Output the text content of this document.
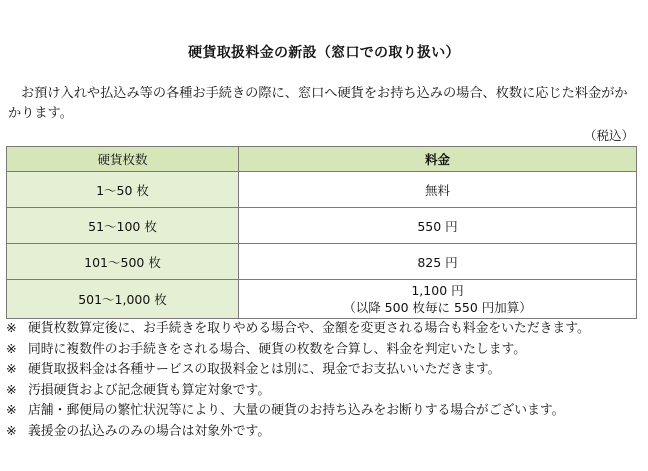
硬貨取扱料金の新設（窓口での取り扱い）
お預け入れや払込み等の各種お手続きの際に、窓口へ硬貨をお持ち込みの場合、枚数に応じた料金がかかります。
（税込）
硬貨枚数	料金
1～50 枚	無料
51～100 枚	550 円
101～500 枚	825 円
501～1,000 枚	1,100 円
（以降 500 枚毎に 550 円加算）
※ 硬貨枚数算定後に、お手続きを取りやめる場合や、金額を変更される場合も料金をいただきます。
※ 同時に複数件のお手続きをされる場合、硬貨の枚数を合算し、料金を判定いたします。
※ 硬貨取扱料金は各種サービスの取扱料金とは別に、現金でお支払いいただきます。
※ 汚損硬貨および記念硬貨も算定対象です。
※ 店舗・郵便局の繁忙状況等により、大量の硬貨のお持ち込みをお断りする場合がございます。
※ 義援金の払込みのみの場合は対象外です。
